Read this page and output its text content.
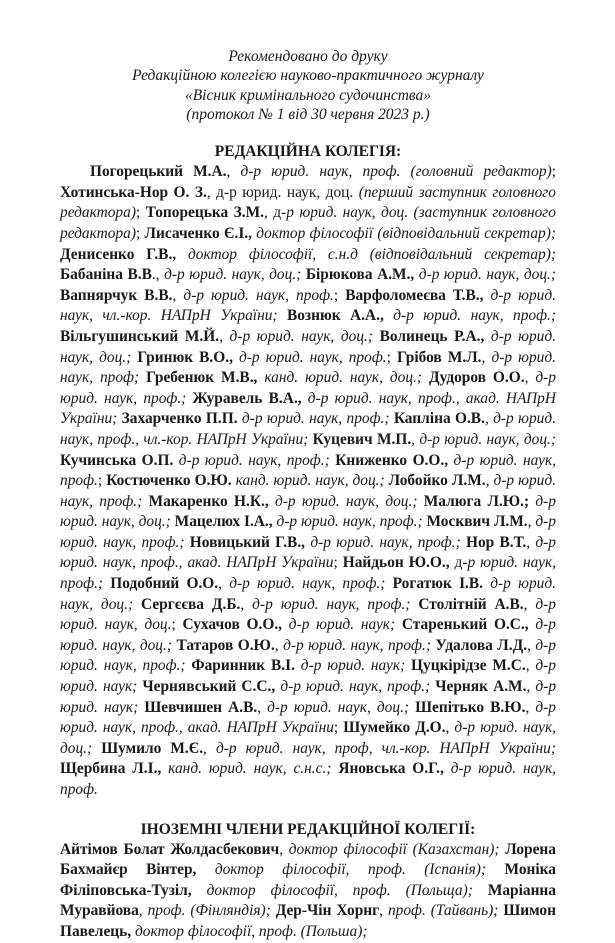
Рекомендовано до друку
Редакційною колегією науково-практичного журналу
«Вісник кримінального судочинства»
(протокол № 1 від 30 червня 2023 р.)
РЕДАКЦІЙНА КОЛЕГІЯ:

Погорецький М.А., д-р юрид. наук, проф. (головний редактор); Хотинська-Нор О. З., д-р юрид. наук, доц. (перший заступник головного редактора); Топорецька З.М., д-р юрид. наук, доц. (заступник головного редактора); Лисаченко Є.І., доктор філософії (відповідальний секретар); Денисенко Г.В., доктор філософії, с.н.д (відповідальний секретар); Бабаніна В.В., д-р юрид. наук, доц.; Бірюкова А.М., д-р юрид. наук, доц.; Вапнярчук В.В., д-р юрид. наук, проф.; Варфоломеєва Т.В., д-р юрид. наук, чл.-кор. НАПрН України; Вознюк А.А., д-р юрид. наук, проф.; Вільгушинський М.Й., д-р юрид. наук, доц.; Волинець Р.А., д-р юрид. наук, доц.; Гринюк В.О., д-р юрид. наук, проф.; Грібов М.Л., д-р юрид. наук, проф; Гребенюк М.В., канд. юрид. наук, доц.; Дудоров О.О., д-р юрид. наук, проф.; Журавель В.А., д-р юрид. наук, проф., акад. НАПрН України; Захарченко П.П. д-р юрид. наук, проф.; Капліна О.В., д-р юрид. наук, проф., чл.-кор. НАПрН України; Куцевич М.П., д-р юрид. наук, доц.; Кучинська О.П. д-р юрид. наук, проф.; Книженко О.О., д-р юрид. наук, проф.; Костюченко О.Ю. канд. юрид. наук, доц.; Лобойко Л.М., д-р юрид. наук, проф.; Макаренко Н.К., д-р юрид. наук, доц.; Малюга Л.Ю.; д-р юрид. наук, доц.; Мацелюх І.А., д-р юрид. наук, проф.; Москвич Л.М., д-р юрид. наук, проф.; Новицький Г.В., д-р юрид. наук, проф.; Нор В.Т., д-р юрид. наук, проф., акад. НАПрН України; Найдьон Ю.О., д-р юрид. наук, проф.; Подобний О.О., д-р юрид. наук, проф.; Рогатюк І.В. д-р юрид. наук, доц.; Сергєєва Д.Б., д-р юрид. наук, проф.; Столітній А.В., д-р юрид. наук, доц.; Сухачов О.О., д-р юрид. наук; Старенький О.С., д-р юрид. наук, доц.; Татаров О.Ю., д-р юрид. наук, проф.; Удалова Л.Д., д-р юрид. наук, проф.; Фаринник В.І. д-р юрид. наук; Цуцкірідзе М.С., д-р юрид. наук; Чернявський С.С., д-р юрид. наук, проф.; Черняк А.М., д-р юрид. наук; Шевчишен А.В., д-р юрид. наук, доц.; Шепітько В.Ю., д-р юрид. наук, проф., акад. НАПрН України; Шумейко Д.О., д-р юрид. наук, доц.; Шумило М.Є., д-р юрид. наук, проф, чл.-кор. НАПрН України; Щербина Л.І., канд. юрид. наук, с.н.с.; Яновська О.Г., д-р юрид. наук, проф.

ІНОЗЕМНІ ЧЛЕНИ РЕДАКЦІЙНОЇ КОЛЕГІЇ:

Айтімов Болат Жолдасбекович, доктор філософії (Казахстан); Лорена Бахмайєр Вінтер, доктор філософії, проф. (Іспанія); Моніка Філіповська-Тузіл, доктор філософії, проф. (Польща); Маріанна Муравйова, проф. (Фінляндія); Дер-Чін Хорнг, проф. (Тайвань); Шимон Павелець, доктор філософії, проф. (Польша);
